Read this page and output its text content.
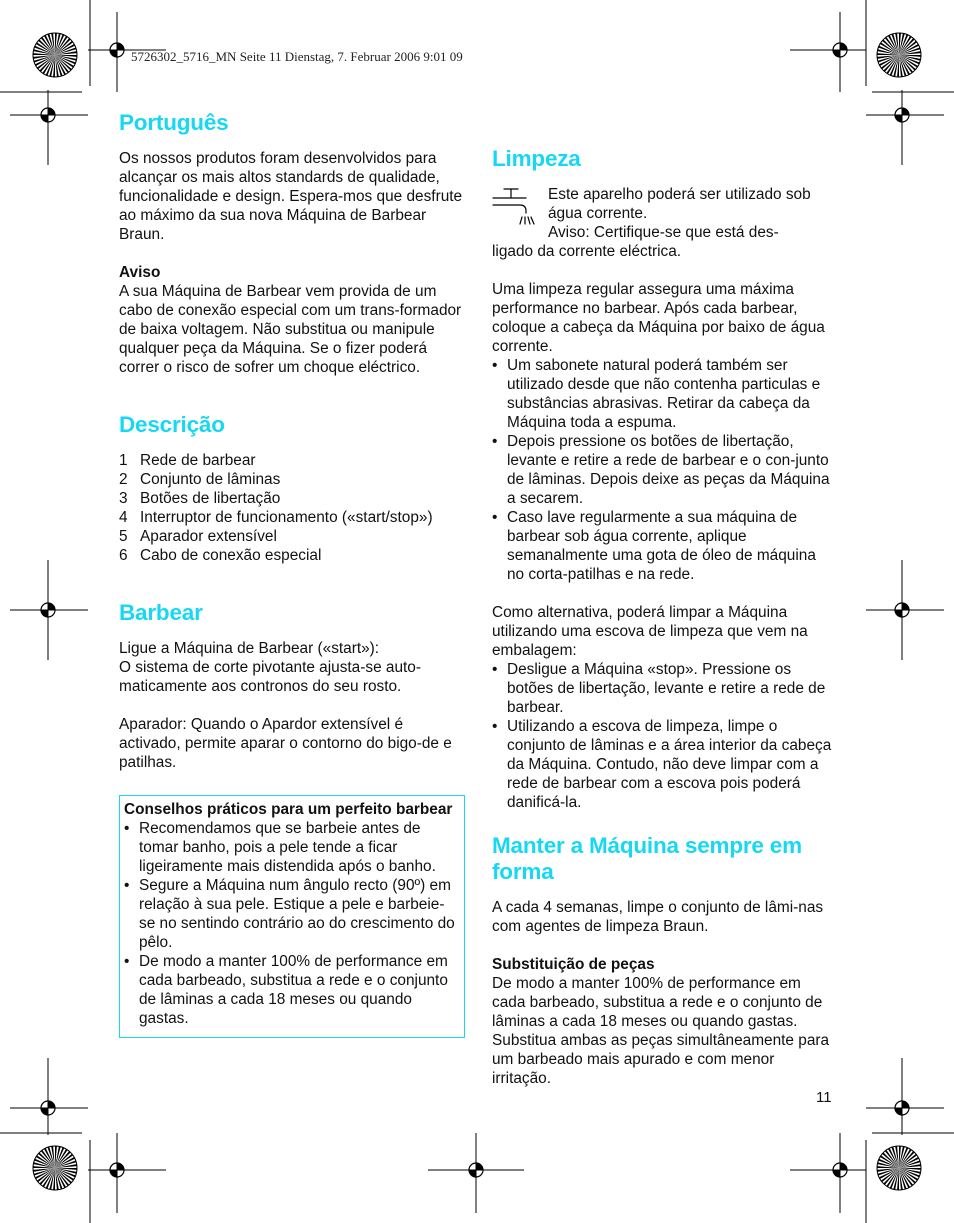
5726302_5716_MN Seite 11 Dienstag, 7. Februar 2006 9:01 09
Português

Os nossos produtos foram desenvolvidos para alcançar os mais altos standards de qualidade, funcionalidade e design. Espera-mos que desfrute ao máximo da sua nova Máquina de Barbear Braun.

Aviso

A sua Máquina de Barbear vem provida de um cabo de conexão especial com um trans-formador de baixa voltagem. Não substitua ou manipule qualquer peça da Máquina. Se o fizer poderá correr o risco de sofrer um choque eléctrico.

Descrição
1 Rede de barbear
2 Conjunto de lâminas
3 Botões de libertação
4 Interruptor de funcionamento («start/stop»)
5 Aparador extensível
6 Cabo de conexão especial
Barbear

Ligue a Máquina de Barbear («start»):

O sistema de corte pivotante ajusta-se auto-maticamente aos contronos do seu rosto.

Aparador: Quando o Apardor extensível é activado, permite aparar o contorno do bigo-de e patilhas.

Conselhos práticos para um perfeito barbear

• Recomendamos que se barbeie antes de tomar banho, pois a pele tende a ficar ligeiramente mais distendida após o banho.
• Segure a Máquina num ângulo recto (90º) em relação à sua pele. Estique a pele e barbeie-se no sentindo contrário ao do crescimento do pêlo.
• De modo a manter 100% de performance em cada barbeado, substitua a rede e o conjunto de lâminas a cada 18 meses ou quando gastas.
Limpeza

Este aparelho poderá ser utilizado sob água corrente.

Aviso: Certifique-se que está des-

ligado da corrente eléctrica.

Uma limpeza regular assegura uma máxima performance no barbear. Após cada barbear, coloque a cabeça da Máquina por baixo de água corrente.

• Um sabonete natural poderá também ser utilizado desde que não contenha particulas e substâncias abrasivas. Retirar da cabeça da Máquina toda a espuma.
• Depois pressione os botões de libertação, levante e retire a rede de barbear e o con-junto de lâminas. Depois deixe as peças da Máquina a secarem.
• Caso lave regularmente a sua máquina de barbear sob água corrente, aplique semanalmente uma gota de óleo de máquina no corta-patilhas e na rede.

Como alternativa, poderá limpar a Máquina utilizando uma escova de limpeza que vem na embalagem:

• Desligue a Máquina «stop». Pressione os botões de libertação, levante e retire a rede de barbear.
• Utilizando a escova de limpeza, limpe o conjunto de lâminas e a área interior da cabeça da Máquina. Contudo, não deve limpar com a rede de barbear com a escova pois poderá danificá-la.
Manter a Máquina sempre em forma

A cada 4 semanas, limpe o conjunto de lâmi-nas com agentes de limpeza Braun.

Substituição de peças

De modo a manter 100% de performance em cada barbeado, substitua a rede e o conjunto de lâminas a cada 18 meses ou quando gastas. Substitua ambas as peças simultâneamente para um barbeado mais apurado e com menor irritação.

11
